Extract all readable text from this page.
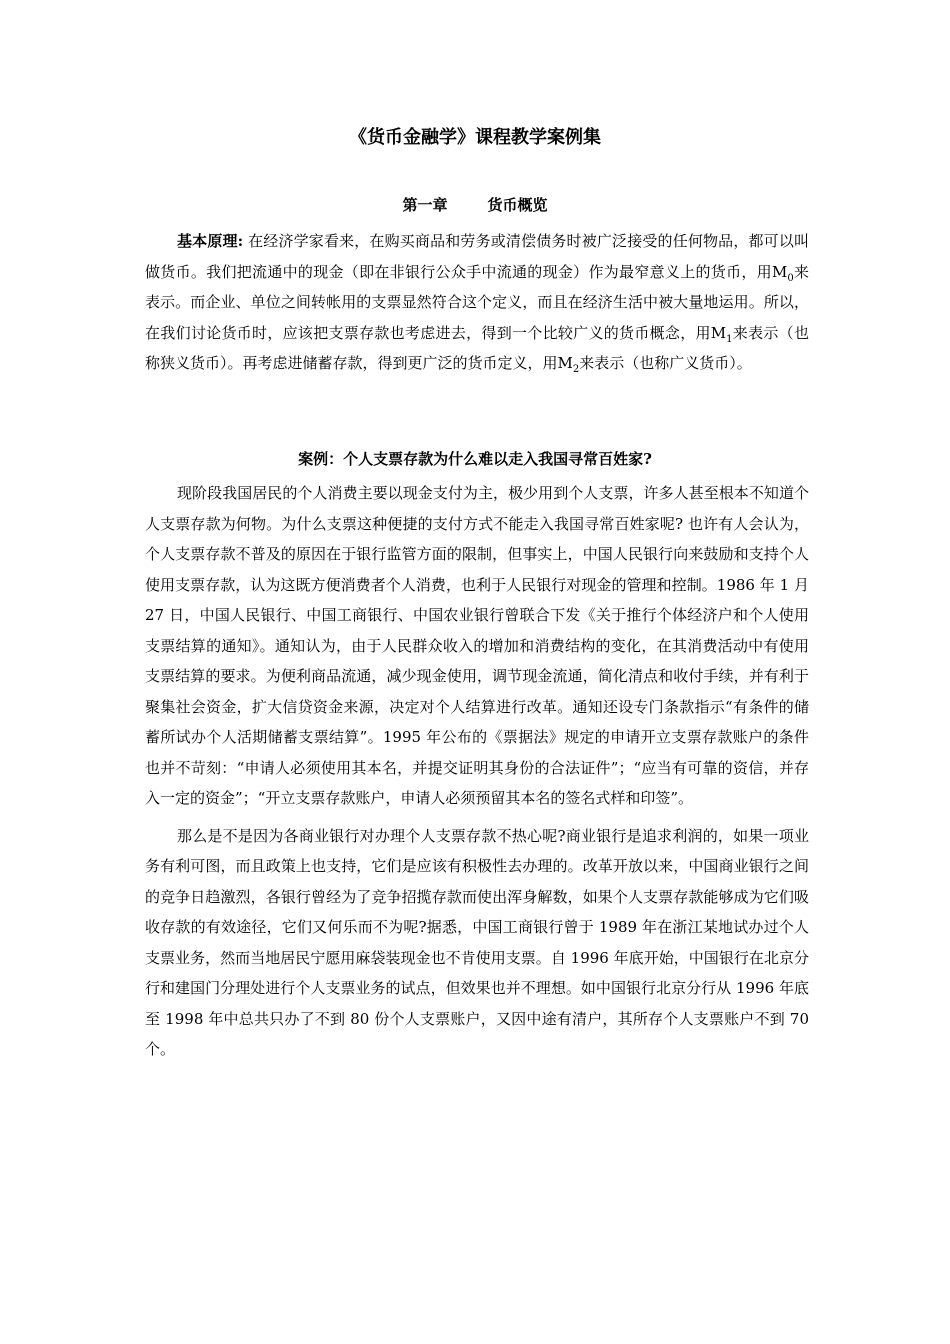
《货币金融学》课程教学案例集
第一章	货币概览

基本原理: 在经济学家看来，在购买商品和劳务或清偿债务时被广泛接受的任何物品，都可以叫做货币。我们把流通中的现金（即在非银行公众手中流通的现金）作为最窄意义上的货币，用$M_0$来表示。而企业、单位之间转帐用的支票显然符合这个定义，而且在经济生活中被大量地运用。所以，在我们讨论货币时，应该把支票存款也考虑进去，得到一个比较广义的货币概念，用$M_1$来表示（也称狭义货币）。再考虑进储蓄存款，得到更广泛的货币定义，用$M_2$来表示（也称广义货币）。

案例：个人支票存款为什么难以走入我国寻常百姓家?

现阶段我国居民的个人消费主要以现金支付为主，极少用到个人支票，许多人甚至根本不知道个人支票存款为何物。为什么支票这种便捷的支付方式不能走入我国寻常百姓家呢? 也许有人会认为，个人支票存款不普及的原因在于银行监管方面的限制，但事实上，中国人民银行向来鼓励和支持个人使用支票存款，认为这既方便消费者个人消费，也利于人民银行对现金的管理和控制。1986 年 1 月 27 日，中国人民银行、中国工商银行、中国农业银行曾联合下发《关于推行个体经济户和个人使用支票结算的通知》。通知认为，由于人民群众收入的增加和消费结构的变化，在其消费活动中有使用支票结算的要求。为便利商品流通，减少现金使用，调节现金流通，简化清点和收付手续，并有利于聚集社会资金，扩大信贷资金来源，决定对个人结算进行改革。通知还设专门条款指示“有条件的储蓄所试办个人活期储蓄支票结算”。1995 年公布的《票据法》规定的申请开立支票存款账户的条件也并不苛刻：“申请人必须使用其本名，并提交证明其身份的合法证件”；“应当有可靠的资信，并存入一定的资金”；“开立支票存款账户，申请人必须预留其本名的签名式样和印签”。

那么是不是因为各商业银行对办理个人支票存款不热心呢?商业银行是追求利润的，如果一项业务有利可图，而且政策上也支持，它们是应该有积极性去办理的。改革开放以来，中国商业银行之间的竞争日趋激烈，各银行曾经为了竞争招揽存款而使出浑身解数，如果个人支票存款能够成为它们吸收存款的有效途径，它们又何乐而不为呢?据悉，中国工商银行曾于 1989 年在浙江某地试办过个人支票业务，然而当地居民宁愿用麻袋装现金也不肯使用支票。自 1996 年底开始，中国银行在北京分行和建国门分理处进行个人支票业务的试点，但效果也并不理想。如中国银行北京分行从 1996 年底至 1998 年中总共只办了不到 80 份个人支票账户，又因中途有清户，其所存个人支票账户不到 70 个。
